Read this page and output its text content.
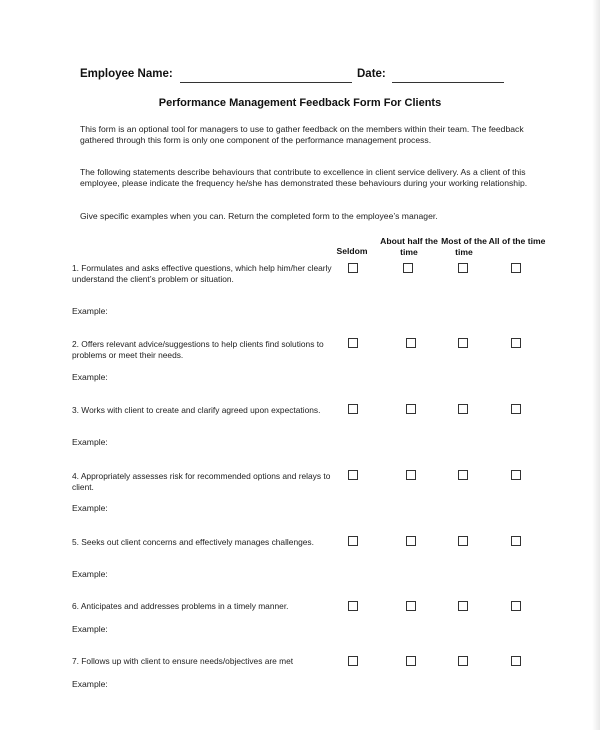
Employee Name:	Date:
Performance Management Feedback Form For Clients
This form is an optional tool for managers to use to gather feedback on the members within their team. The feedback gathered through this form is only one component of the performance management process.
The following statements describe behaviours that contribute to excellence in client service delivery. As a client of this employee, please indicate the frequency he/she has demonstrated these behaviours during your working relationship.
Give specific examples when you can. Return the completed form to the employee’s manager.
Seldom
About half the time
Most of the time
All of the time
1. Formulates and asks effective questions, which help him/her clearly understand the client’s problem or situation.
Example:
2. Offers relevant advice/suggestions to help clients find solutions to problems or meet their needs.
Example:
3. Works with client to create and clarify agreed upon expectations.
Example:
4. Appropriately assesses risk for recommended options and relays to client.
Example:
5. Seeks out client concerns and effectively manages challenges.
Example:
6. Anticipates and addresses problems in a timely manner.
Example:
7. Follows up with client to ensure needs/objectives are met
Example:
